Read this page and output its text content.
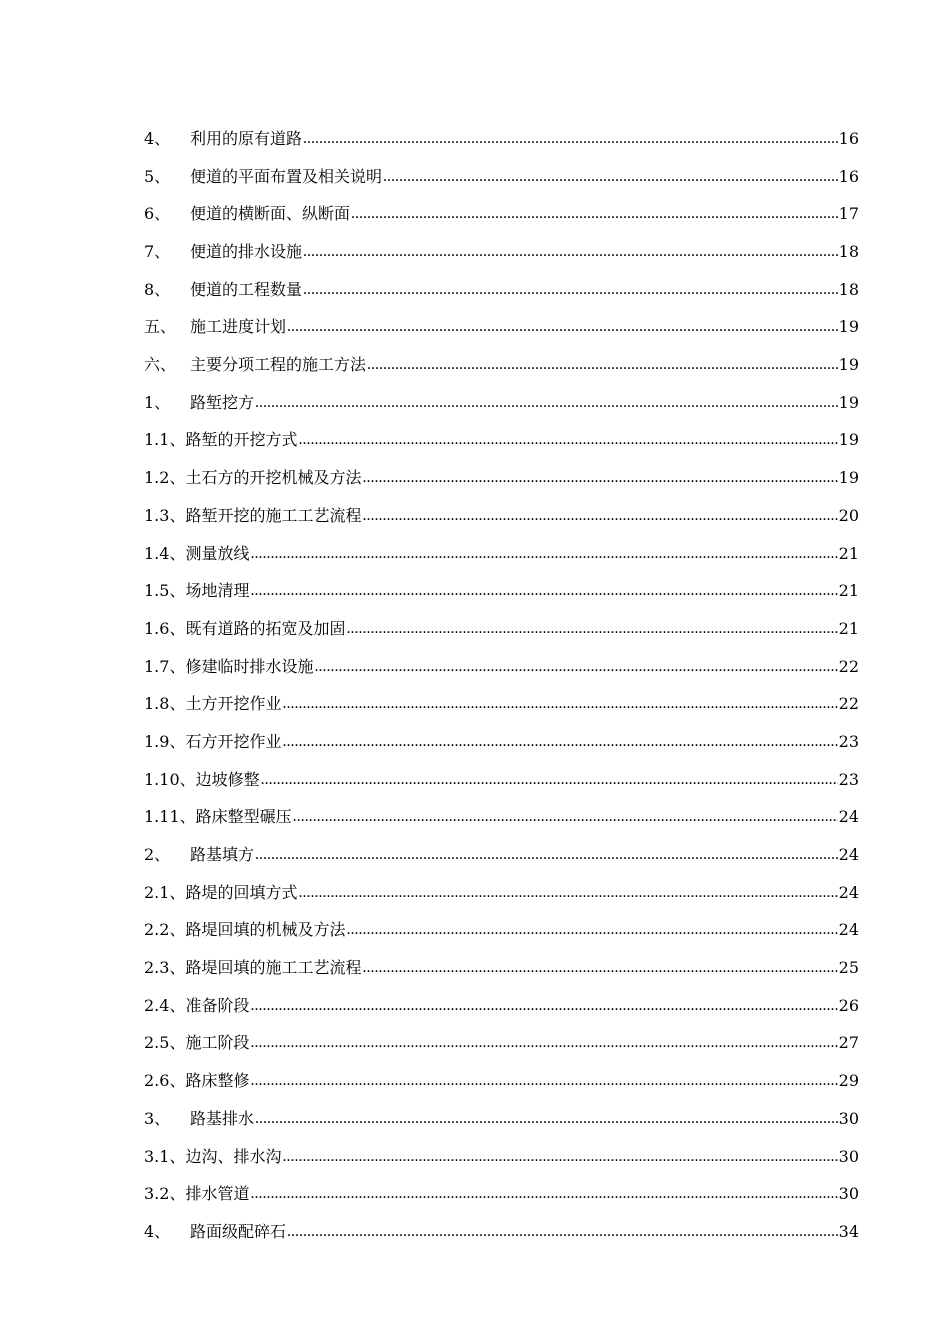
4、	利用的原有道路 .....	16
5、	便道的平面布置及相关说明 .....	16
6、	便道的横断面、纵断面 .....	17
7、	便道的排水设施 .....	18
8、	便道的工程数量 .....	18
五、 施工进度计划 .....	19
六、 主要分项工程的施工方法 .....	19
1、	路堑挖方 .....	19
1.1、 路堑的开挖方式 .....	19
1.2、 土石方的开挖机械及方法 .....	19
1.3、 路堑开挖的施工工艺流程 .....	20
1.4、 测量放线 .....	21
1.5、 场地清理 .....	21
1.6、 既有道路的拓宽及加固 .....	21
1.7、 修建临时排水设施 .....	22
1.8、 土方开挖作业 .....	22
1.9、 石方开挖作业 .....	23
1.10、 边坡修整 .....	23
1.11、 路床整型碾压 .....	24
2、	路基填方 .....	24
2.1、 路堤的回填方式 .....	24
2.2、 路堤回填的机械及方法 .....	24
2.3、 路堤回填的施工工艺流程 .....	25
2.4、 准备阶段 .....	26
2.5、 施工阶段 .....	27
2.6、 路床整修 .....	29
3、	路基排水 .....	30
3.1、 边沟、排水沟 .....	30
3.2、 排水管道 .....	30
4、	路面级配碎石 .....	34
